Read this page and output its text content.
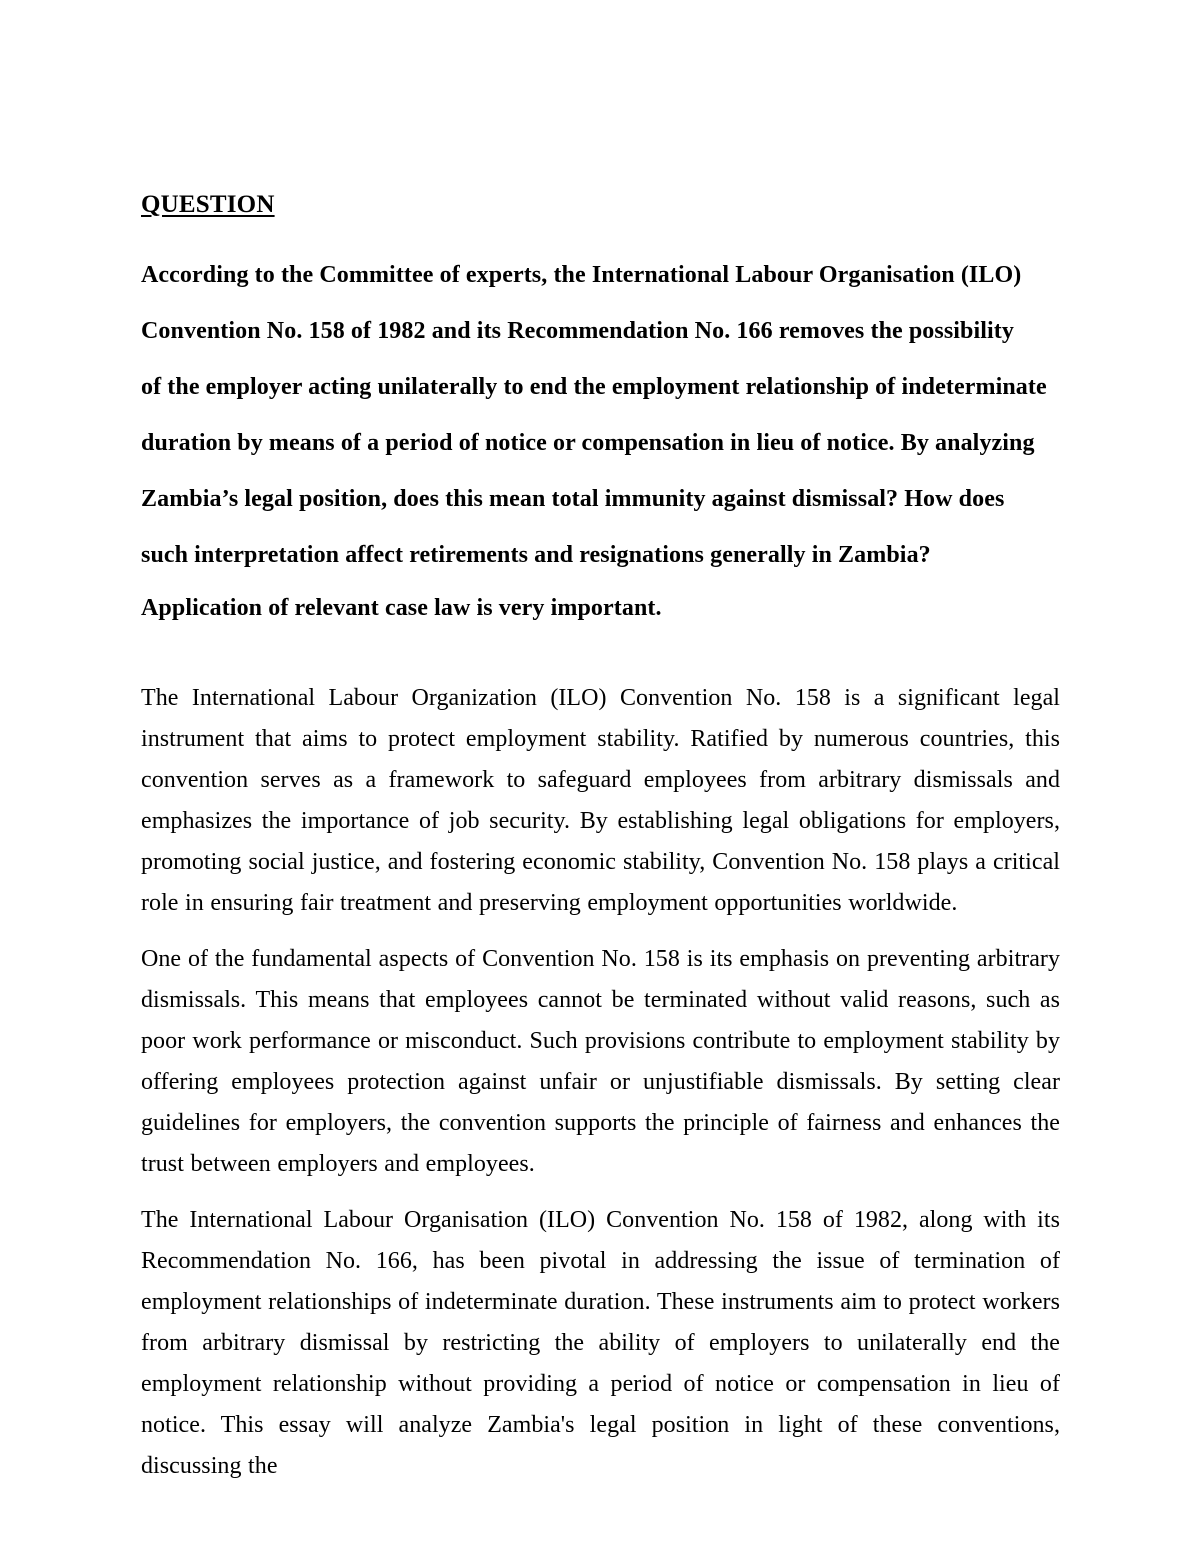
QUESTION
According to the Committee of experts, the International Labour Organisation (ILO)
Convention No. 158 of 1982 and its Recommendation No. 166 removes the possibility
of the employer acting unilaterally to end the employment relationship of indeterminate
duration by means of a period of notice or compensation in lieu of notice. By analyzing
Zambia’s legal position, does this mean total immunity against dismissal? How does
such interpretation affect retirements and resignations generally in Zambia?
Application of relevant case law is very important.

The International Labour Organization (ILO) Convention No. 158 is a significant legal instrument that aims to protect employment stability. Ratified by numerous countries, this convention serves as a framework to safeguard employees from arbitrary dismissals and emphasizes the importance of job security. By establishing legal obligations for employers, promoting social justice, and fostering economic stability, Convention No. 158 plays a critical role in ensuring fair treatment and preserving employment opportunities worldwide.

One of the fundamental aspects of Convention No. 158 is its emphasis on preventing arbitrary dismissals. This means that employees cannot be terminated without valid reasons, such as poor work performance or misconduct. Such provisions contribute to employment stability by offering employees protection against unfair or unjustifiable dismissals. By setting clear guidelines for employers, the convention supports the principle of fairness and enhances the trust between employers and employees.

The International Labour Organisation (ILO) Convention No. 158 of 1982, along with its Recommendation No. 166, has been pivotal in addressing the issue of termination of employment relationships of indeterminate duration. These instruments aim to protect workers from arbitrary dismissal by restricting the ability of employers to unilaterally end the employment relationship without providing a period of notice or compensation in lieu of notice. This essay will analyze Zambia's legal position in light of these conventions, discussing the
